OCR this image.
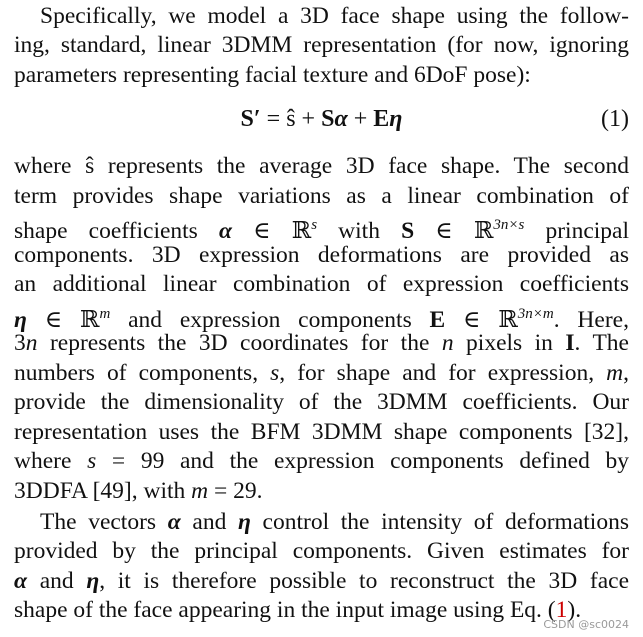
Specifically, we model a 3D face shape using the follow-
ing, standard, linear 3DMM representation (for now, ignoring
parameters representing facial texture and 6DoF pose):
S′ = ŝ + Sα + Eη	(1)
where ŝ represents the average 3D face shape. The second
term provides shape variations as a linear combination of
shape coefficients α ∈ ℝ$^s$ with S ∈ ℝ$^{3n\times s}$ principal
components. 3D expression deformations are provided as
an additional linear combination of expression coefficients
η ∈ ℝ$^m$ and expression components E ∈ ℝ$^{3n\times m}$. Here,
3n represents the 3D coordinates for the n pixels in I. The
numbers of components, s, for shape and for expression, m,
provide the dimensionality of the 3DMM coefficients. Our
representation uses the BFM 3DMM shape components [32],
where s = 99 and the expression components defined by
3DDFA [49], with m = 29.
The vectors α and η control the intensity of deformations
provided by the principal components. Given estimates for
α and η, it is therefore possible to reconstruct the 3D face
shape of the face appearing in the input image using Eq. (1).
CSDN @sc0024
